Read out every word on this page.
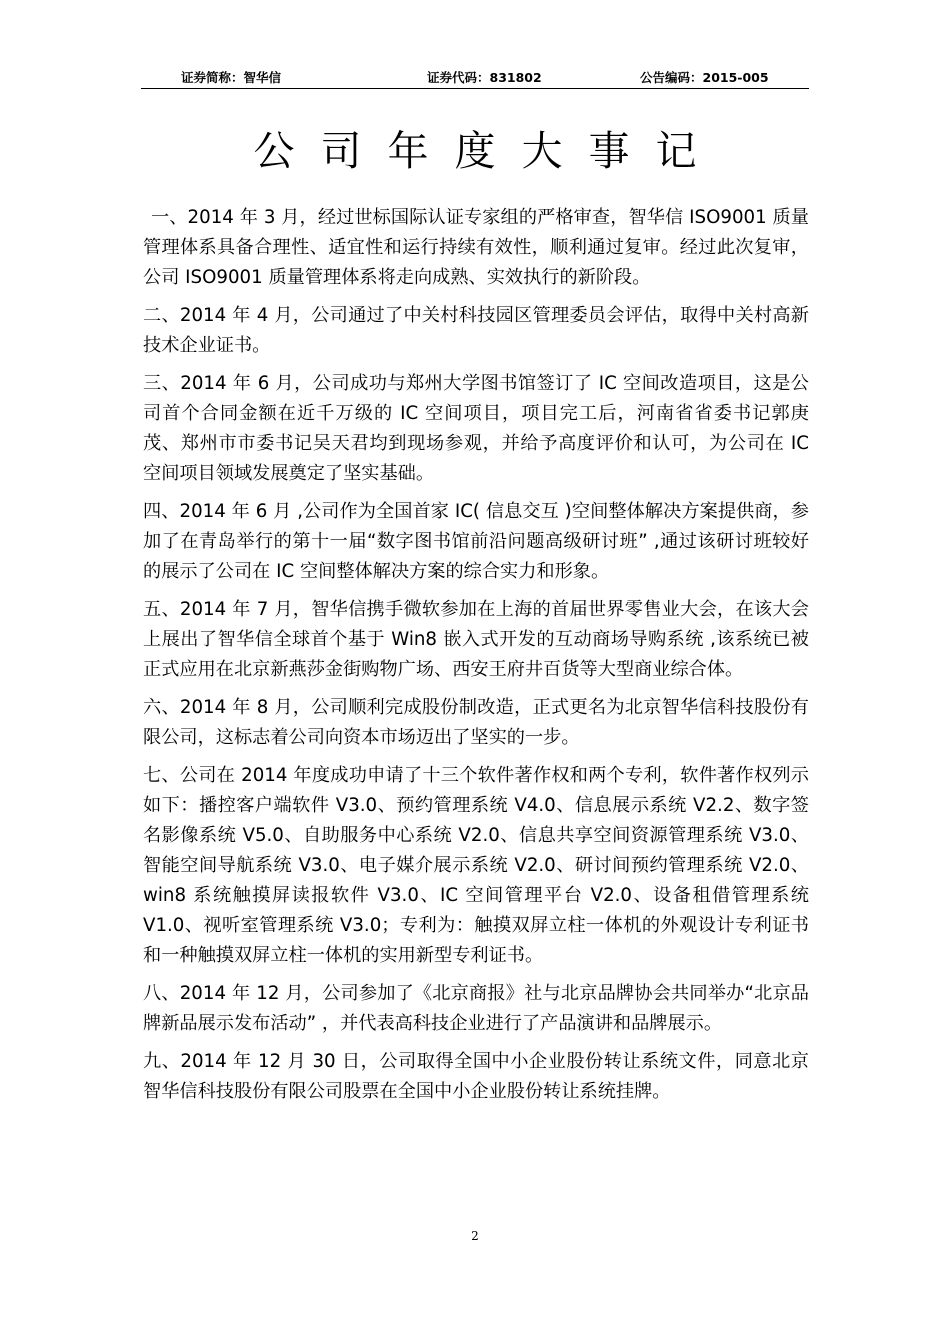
证券简称：智华信	证券代码：831802	公告编码：2015-005
公司年度大事记

一、2014 年 3 月，经过世标国际认证专家组的严格审查，智华信 ISO9001 质量管理体系具备合理性、适宜性和运行持续有效性，顺利通过复审。经过此次复审，公司 ISO9001 质量管理体系将走向成熟、实效执行的新阶段。

二、2014 年 4 月，公司通过了中关村科技园区管理委员会评估，取得中关村高新技术企业证书。

三、2014 年 6 月，公司成功与郑州大学图书馆签订了 IC 空间改造项目，这是公司首个合同金额在近千万级的 IC 空间项目，项目完工后，河南省省委书记郭庚茂、郑州市市委书记吴天君均到现场参观，并给予高度评价和认可，为公司在 IC 空间项目领域发展奠定了坚实基础。

四、2014 年 6 月 ,公司作为全国首家 IC( 信息交互 )空间整体解决方案提供商，参加了在青岛举行的第十一届“数字图书馆前沿问题高级研讨班” ,通过该研讨班较好的展示了公司在 IC 空间整体解决方案的综合实力和形象。

五、2014 年 7 月，智华信携手微软参加在上海的首届世界零售业大会，在该大会上展出了智华信全球首个基于 Win8 嵌入式开发的互动商场导购系统 ,该系统已被正式应用在北京新燕莎金街购物广场、西安王府井百货等大型商业综合体。

六、2014 年 8 月，公司顺利完成股份制改造，正式更名为北京智华信科技股份有限公司，这标志着公司向资本市场迈出了坚实的一步。

七、公司在 2014 年度成功申请了十三个软件著作权和两个专利，软件著作权列示如下：播控客户端软件 V3.0、预约管理系统 V4.0、信息展示系统 V2.2、数字签名影像系统 V5.0、自助服务中心系统 V2.0、信息共享空间资源管理系统 V3.0、智能空间导航系统 V3.0、电子媒介展示系统 V2.0、研讨间预约管理系统 V2.0、win8 系统触摸屏读报软件 V3.0、IC 空间管理平台 V2.0、设备租借管理系统 V1.0、视听室管理系统 V3.0；专利为：触摸双屏立柱一体机的外观设计专利证书和一种触摸双屏立柱一体机的实用新型专利证书。

八、2014 年 12 月，公司参加了《北京商报》社与北京品牌协会共同举办“北京品牌新品展示发布活动” ，并代表高科技企业进行了产品演讲和品牌展示。

九、2014 年 12 月 30 日，公司取得全国中小企业股份转让系统文件，同意北京智华信科技股份有限公司股票在全国中小企业股份转让系统挂牌。

2
